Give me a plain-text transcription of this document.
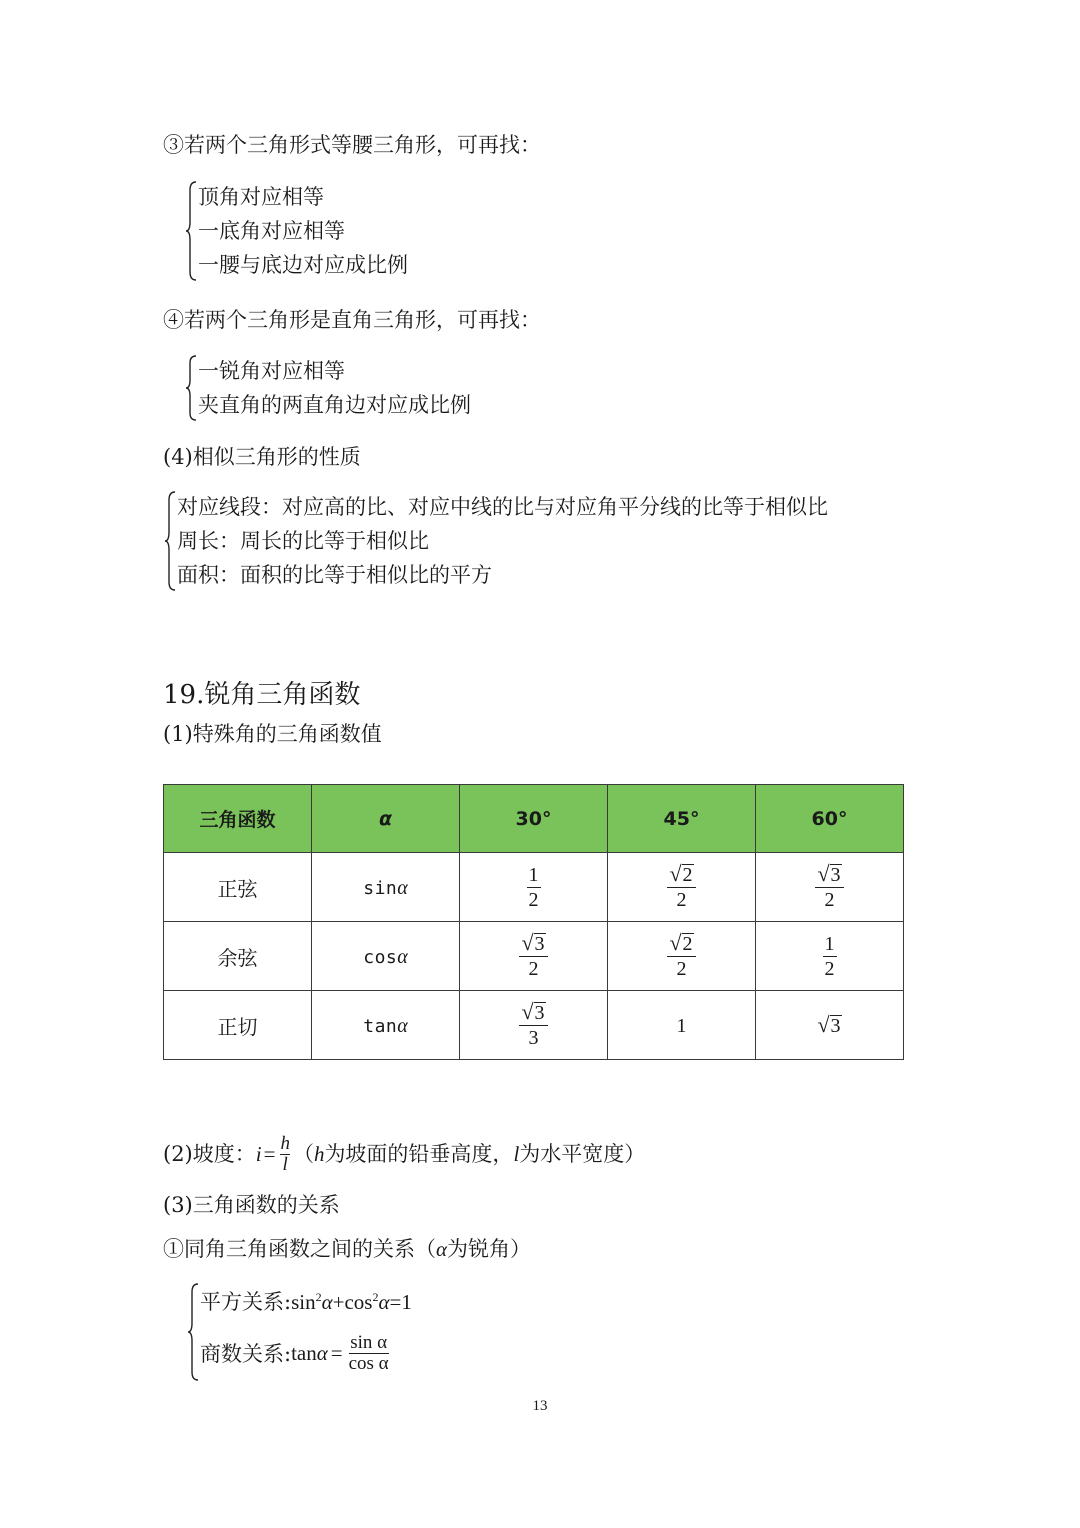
③若两个三角形式等腰三角形，可再找：
顶角对应相等
一底角对应相等
一腰与底边对应成比例
④若两个三角形是直角三角形，可再找：
一锐角对应相等
夹直角的两直角边对应成比例
(4)相似三角形的性质
对应线段：对应高的比、对应中线的比与对应角平分线的比等于相似比
周长：周长的比等于相似比
面积：面积的比等于相似比的平方
19.锐角三角函数
(1)特殊角的三角函数值
三角函数	α	30°	45°	60°
正弦	sinα	$\frac{1}{2}$	$\frac{√ 2}{2}$	$\frac{√ 3}{2}$

余弦	cosα	$\frac{√ 3}{2}$	$\frac{√ 2}{2}$	$\frac{1}{2}$

正切	tanα	$\frac{√ 3}{3}$	1	√ 3
(2)坡度： $i = \frac{h}{l}$ （ h 为坡面的铅垂高度， l 为水平宽度）
(3)三角函数的关系
①同角三角函数之间的关系（α为锐角）
平方关系$:\sin^2\alpha+\cos^2\alpha=1$
商数关系: $\tan \alpha = \frac{\text{sin α}}{\text{cos α}}$
13
